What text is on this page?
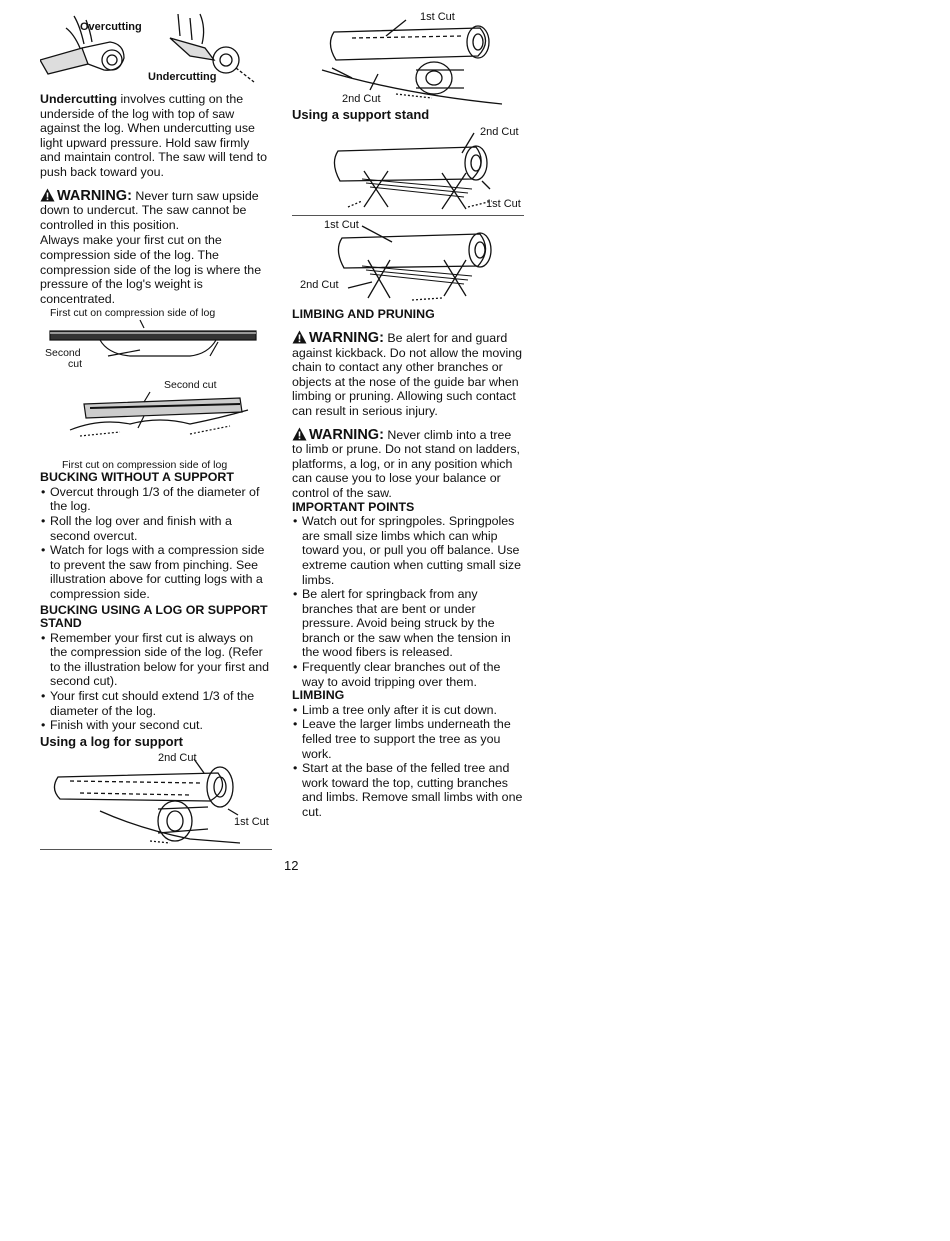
Overcutting
Undercutting

Undercutting involves cutting on the underside of the log with top of saw against the log. When undercutting use light upward pressure. Hold saw firmly and maintain control. The saw will tend to push back toward you.

WARNING: Never turn saw upside down to undercut. The saw cannot be controlled in this position.

Always make your first cut on the compression side of the log. The compression side of the log is where the pressure of the log's weight is concentrated.

First cut on compression side of log
Second
cut
Second cut
First cut on compression side of log

BUCKING WITHOUT A SUPPORT

• Overcut through 1/3 of the diameter of the log.
• Roll the log over and finish with a second overcut.
• Watch for logs with a compression side to prevent the saw from pinching. See illustration above for cutting logs with a compression side.

BUCKING USING A LOG OR SUPPORT STAND

• Remember your first cut is always on the compression side of the log. (Refer to the illustration below for your first and second cut).
• Your first cut should extend 1/3 of the diameter of the log.
• Finish with your second cut.

Using a log for support

2nd Cut
1st Cut
1st Cut
2nd Cut

Using a support stand

2nd Cut
1st Cut
1st Cut
2nd Cut

LIMBING AND PRUNING

WARNING: Be alert for and guard against kickback. Do not allow the moving chain to contact any other branches or objects at the nose of the guide bar when limbing or pruning. Allowing such contact can result in serious injury.

WARNING: Never climb into a tree to limb or prune. Do not stand on ladders, platforms, a log, or in any position which can cause you to lose your balance or control of the saw.

IMPORTANT POINTS

• Watch out for springpoles. Springpoles are small size limbs which can whip toward you, or pull you off balance. Use extreme caution when cutting small size limbs.
• Be alert for springback from any branches that are bent or under pressure. Avoid being struck by the branch or the saw when the tension in the wood fibers is released.
• Frequently clear branches out of the way to avoid tripping over them.

LIMBING

• Limb a tree only after it is cut down.
• Leave the larger limbs underneath the felled tree to support the tree as you work.
• Start at the base of the felled tree and work toward the top, cutting branches and limbs. Remove small limbs with one cut.
12
